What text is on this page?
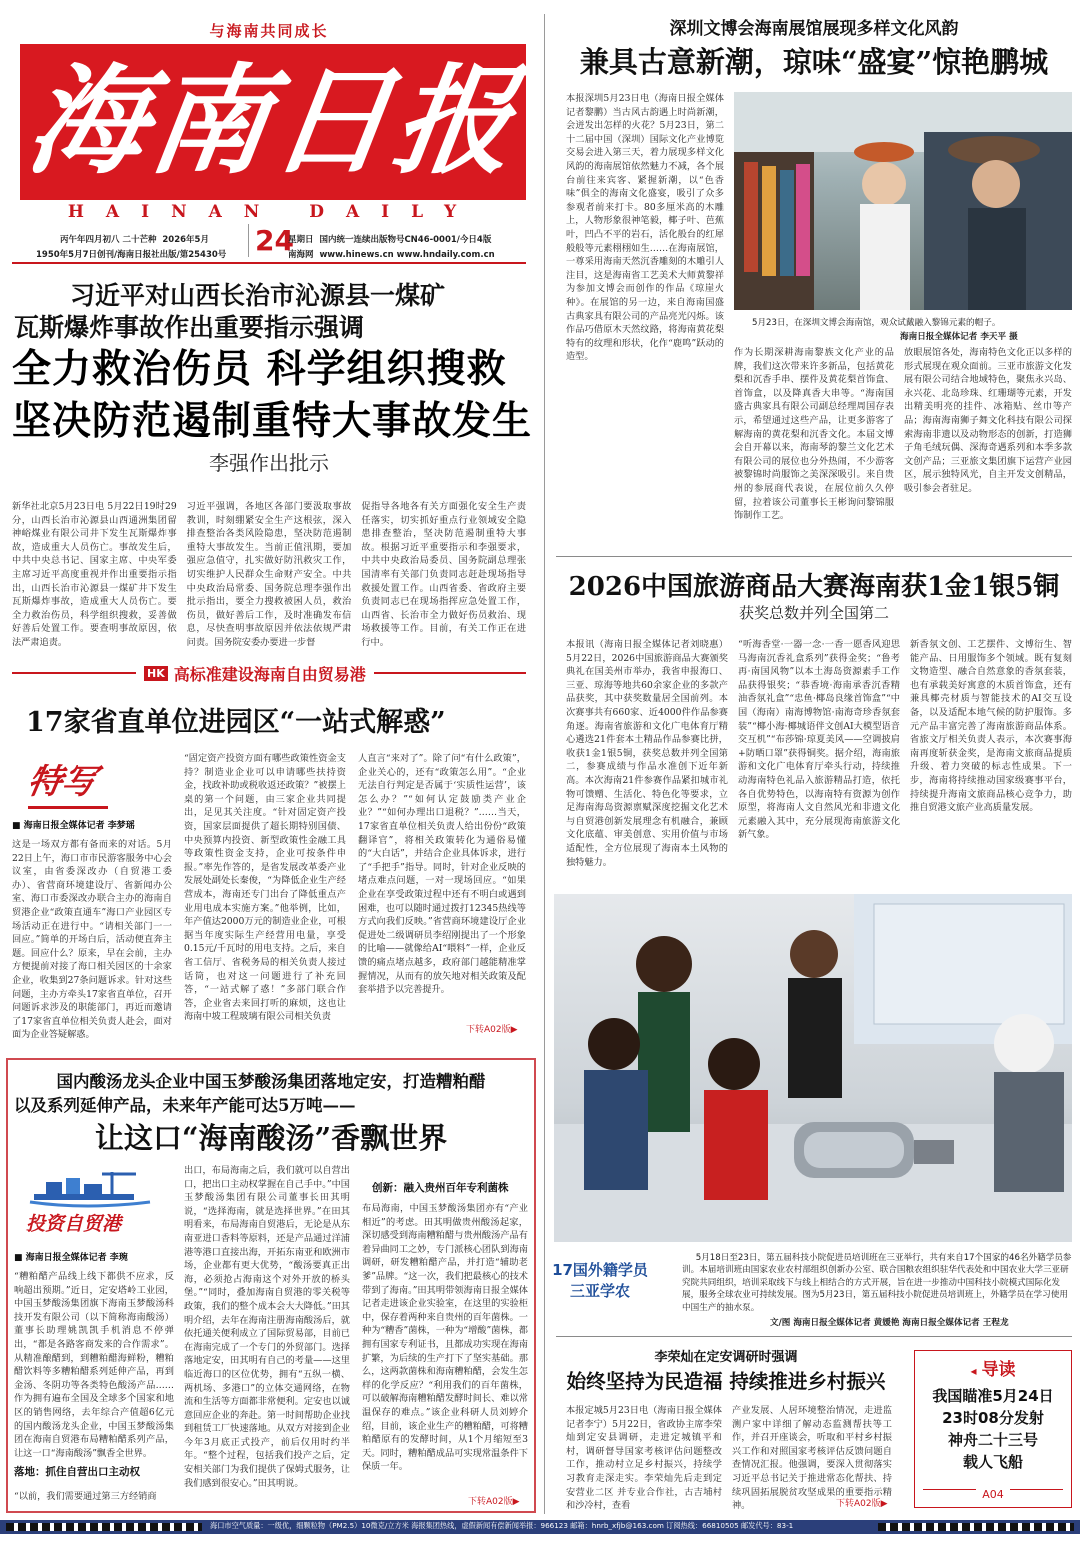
与海南共同成长
海南日报
HAINAN DAILY
丙午年四月初八 二十芒种 2026年5月
1950年5月7日创刊/海南日报社出版/第25430号 24
星期日 国内统一连续出版物号CN46-0001/今日4版
南海网 www.hinews.cn www.hndaily.com.cn
习近平对山西长治市沁源县一煤矿
瓦斯爆炸事故作出重要指示强调
全力救治伤员 科学组织搜救
坚决防范遏制重特大事故发生
李强作出批示
新华社北京5月23日电 5月22日19时29分，山西长治市沁源县山西通洲集团留神峪煤业有限公司井下发生瓦斯爆炸事故，造成重大人员伤亡。事故发生后，中共中央总书记、国家主席、中央军委主席习近平高度重视并作出重要指示指出，山西长治市沁源县一煤矿井下发生瓦斯爆炸事故，造成重大人员伤亡。要全力救治伤员，科学组织搜救，妥善做好善后处置工作。要查明事故原因，依法严肃追责。
习近平强调，各地区各部门要汲取事故教训，时刻绷紧安全生产这根弦，深入排查整治各类风险隐患，坚决防范遏制重特大事故发生。当前正值汛期，要加强应急值守，扎实做好防汛救灾工作，切实维护人民群众生命财产安全。中共中央政治局常委、国务院总理李强作出批示指出，要全力搜救被困人员，救治伤员，做好善后工作，及时准确发布信息，尽快查明事故原因并依法依规严肃问责。国务院安委办要进一步督
促指导各地各有关方面强化安全生产责任落实，切实抓好重点行业领域安全隐患排查整治，坚决防范遏制重特大事故。根据习近平重要指示和李强要求，中共中央政治局委员、国务院副总理张国清率有关部门负责同志赶赴现场指导救援处置工作。山西省委、省政府主要负责同志已在现场指挥应急处置工作，山西省、长治市全力做好伤员救治、现场救援等工作。目前，有关工作正在进行中。
HK 高标准建设海南自由贸易港
17家省直单位进园区“一站式解惑”
特写
■ 海南日报全媒体记者 李梦瑶
这是一场双方都有备而来的对话。5月22日上午，海口市市民游客服务中心会议室，由省委深改办（自贸港工委办）、省营商环境建设厅、省新闻办公室、海口市委深改办联合主办的海南自贸港企业“政策直通车”海口产业园区专场活动正在进行中。“请相关部门一一回应。”简单的开场白后，活动便直奔主题。回应什么？原来，早在会前，主办方便提前对接了海口相关园区的十余家企业，收集到27条问题诉求。针对这些问题，主办方牵头17家省直单位，召开问题诉求涉及的职能部门，再近而邀请了17家省直单位相关负责人赴会，面对面为企业答疑解惑。
“固定资产投资方面有哪些政策性资金支持？制造业企业可以申请哪些扶持资金，找政补助或税收返还政策？”被摆上桌的第一个问题，由三家企业共同提出，足见其关注度。“针对固定资产投资，国家层面提供了超长期特别国债、中央预算内投资、新型政策性金融工具等政策性资金支持，企业可按条件申报。”率先作答的，是省发展改革委产业发展处副处长秦俊，“为降低企业生产经营成本，海南还专门出台了降低重点产业用电成本实施方案。”他举例，比如，年产值达2000万元的制造业企业，可根据当年度实际生产经营用电量，享受0.15元/千瓦时的用电支持。之后，来自省工信厅、省税务局的相关负责人接过话筒，也对这一问题进行了补充回答，“一站式解了惑！”多部门联合作答，企业省去来回打听的麻烦，这也让海南中坡工程玻璃有限公司相关负责
人直言“来对了”。除了问“有什么政策”，企业关心的，还有“政策怎么用”。“企业无法自行判定是否属于‘实质性运营’，该怎么办？”“如何认定鼓励类产业企业？”“如何办理出口退税？”……当天，17家省直单位相关负责人给出份份“政策翻译官”，将相关政策转化为通俗易懂的“大白话”，并结合企业具体诉求，进行了“手把手”指导。同时，针对企业反映的堵点难点问题，一对一现场回应。“如果企业在享受政策过程中还有不明白或遇到困难，也可以随时通过拨打12345热线等方式向我们反映。”省营商环境建设厅企业促进处二级调研员李绍刚提出了一个形象的比喻——就像给AI“喂料”一样，企业反馈的痛点堵点越多，政府部门越能精准掌握情况，从而有的放矢地对相关政策及配套举措予以完善提升。
下转A02版▶
国内酸汤龙头企业中国玉梦酸汤集团落地定安，打造糟粕醋
以及系列延伸产品，未来年产能可达5万吨——
让这口“海南酸汤”香飘世界
投资自贸港
■ 海南日报全媒体记者 李琬
“糟粕醋产品线上线下都供不应求，反响超出预期。”近日，定安塔岭工业园，中国玉梦酸汤集团旗下海南玉梦酸汤科技开发有限公司（以下简称海南酸汤）董事长助理姚凯凯手机消息不停弹出，“都是各路客商发来的合作需求”。从精准酿醋到，到糟粕醋海鲜粉，糟粕醋饮料等多糟粕醋系列延伸产品，再到金汤、冬阴功等各类特色酸汤产品……作为拥有遍布全国及全球多个国家和地区的销售网络，去年综合产值超6亿元的国内酸汤龙头企业，中国玉梦酸汤集团在海南自贸港布局糟粕醋系列产品，让这一口“海南酸汤”飘香全世界。
落地：抓住自营出口主动权
“以前，我们需要通过第三方经销商
出口，布局海南之后，我们就可以自营出口，把出口主动权掌握在自己手中。”中国玉梦酸汤集团有限公司董事长田其明说，“选择海南，就是选择世界。”在田其明看来，布局海南自贸港后，无论是从东南亚进口香料等原料，还是产品通过洋浦港等港口直接出海，开拓东南亚和欧洲市场，企业都有更大优势，“酸汤要真正出海，必须抢占海南这个对外开放的桥头堡。”“同时，叠加海南自贸港的零关税等政策，我们的整个成本会大大降低。”田其明介绍，去年在海南注册海南酸汤后，就依托通关便利成立了国际贸易部，目前已在海南完成了一个专门的外贸部门。选择落地定安，田其明有自己的考量——这里临近海口的区位优势，拥有“五纵一横、两机场、多港口”的立体交通网络，在物流和生活等方面都非常便利。定安也以诚意回应企业的奔赴。第一时间帮助企业找到租赁工厂快速落地。从双方对接到企业今年3月底正式投产，前后仅用时约半年。“整个过程，包括我们投产之后，定安相关部门为我们提供了保姆式服务，让我们感到很安心。”田其明说。
创新：融入贵州百年专利菌株
布局海南，中国玉梦酸汤集团亦有“产业相近”的考虑。田其明做贵州酸汤起家，深切感受到海南糟粕醋与贵州酸汤产品有着异曲同工之妙，专门派核心团队到海南调研，研发糟粕醋产品，并打造“辅助老爹”品牌。“这一次，我们把最核心的技术带到了海南。”田其明带领海南日报全媒体记者走进该企业实验室，在这里的实验柜中，保存着两种来自贵州的百年菌株。一种为“糟香”菌株，一种为“增酸”菌株，都拥有国家专利证书，且都成功实现在海南扩繁，为后续的生产打下了坚实基础。那么，这两款菌株和海南糟粕醋，会发生怎样的化学反应？“利用我们的百年菌株，可以破解海南糟粕醋发酵时间长、难以常温保存的难点。”该企业科研人员刘婷介绍，目前，该企业生产的糟粕醋，可将糟粕醋原有的发酵时间，从1个月缩短至3天。同时，糟粕醋成品可实现常温条件下保质一年。
下转A02版▶
深圳文博会海南展馆展现多样文化风韵
兼具古意新潮，琼味“盛宴”惊艳鹏城
本报深圳5月23日电（海南日报全媒体记者黎鹏）当古风古韵遇上时尚新潮，会迸发出怎样的火花？5月23日，第二十二届中国（深圳）国际文化产业博览交易会进入第三天，着力展现多样文化风韵的海南展馆依然魅力不减，各个展台前往来宾客、紧握新潮，以“色香味”俱全的海南文化盛宴，吸引了众多参观者前来打卡。80多厘米高的木雕上，人物形象很神笔毅，椰子叶、芭蕉叶，凹凸不平的岩石，活化般台的红犀般般等元素栩栩如生……在海南展馆，一尊采用海南天然沉香雕刻的木雕引人注目，这是海南省工艺美术大师黄黎祥为参加文博会而创作的作品《琼崖火种》。在展馆的另一边，来自海南国盛古典家具有限公司的产品亮光闪烁。该作品巧借原木天然纹路，将海南黄花梨特有的纹理和形状，化作“鹿鸣”跃动的造型。
5月23日，在深圳文博会海南馆，观众试戴融入黎锦元素的帽子。
海南日报全媒体记者 李天平 摄
作为长期深耕海南黎族文化产业的品牌，我们这次带来许多新品，包括黄花梨和沉香手串、摆件及黄花梨首饰盒、首饰盒，以及降真香大串等。“海南国盛古典家具有限公司副总经理周国存表示，希望通过这些产品，让更多游客了解海南的黄花梨和沉香文化。本届文博会自开幕以来，海南琴韵黎兰文化艺术有限公司的展位也分外热闹，不少游客被黎锦时尚服饰之美深深吸引。来自贵州的参展商代表说，在展位前久久停留，拉着该公司董事长王彬询问黎锦服饰制作工艺。
放眼展馆各处，海南特色文化正以多样的形式展现在观众面前。三亚市旅游文化发展有限公司结合地域特色，聚焦永兴岛、永兴花、北岛珍珠、红珊瑚等元素，开发出精美明亮的挂件、冰箱贴、丝巾等产品；海南海南狮子舞文化科技有限公司探索海南非遗以及动物形态的创新，打造狮子角毛绒玩偶、深海奇遇系列和本季多款文创产品；三亚旅文集团旗下运营产业园区，展示独特风光，自主开发文创精品，吸引参会者驻足。
2026中国旅游商品大赛海南获1金1银5铜
获奖总数并列全国第二
本报讯（海南日报全媒体记者刘晓惠）5月22日，2026中国旅游商品大赛颁奖典礼在国美州市举办，我省申报海口、三亚、琼海等地共60余家企业的多款产品获奖，其中获奖数量居全国前列。本次赛事共有660家、近4000件作品参赛角逐。海南省旅游和文化广电体育厅精心遴选21件套本土精品作品参赛比拼，收获1金1银5铜，获奖总数并列全国第二，参赛成绩与作品水准创下近年新高。本次海南21件参赛作品紧扣城市礼物可馈赠、生活化、特色化等要求，立足海南海岛资源禀赋深度挖掘文化艺术与自贸港创新发展理念有机融合，兼顾文化底蕴、审美创意、实用价值与市场适配性，全方位展现了海南本土风物的独特魅力。
“听海香堂·一器一念·一香一愿香风迎思马海南沉香礼盒系列”获得金奖；“鲁考再·南国风物”以本土海岛资源素手工作品获得银奖；“恭香境·海南承香沉香精油香氛礼盒”“忠鱼·椰岛良缘首饰盒”“中国（海南）南海博物馆·南海奇珍香氛套装”“椰小海·椰城语伴文创AI大模型语音交互机”“布莎锦·琼夏美风——空调披肩+防晒口罩”获得铜奖。据介绍，海南旅游和文化广电体育厅牵头行动，持续推动海南特色礼品入旅游精品打造，依托各自优势特色，以海南特有资源为创作原型，将海南人文自然风光和非遗文化元素融入其中，充分展现海南旅游文化新气象。
新香氛文创、工艺摆件、文博衍生、智能产品、日用服饰多个领域。既有复刻文物造型、融合自然意象的香氛套装，也有承载美好寓意的木质首饰盒，还有兼具椰壳材质与智能技术的AI交互设备，以及适配本地气候的防护服饰。多元产品丰富完善了海南旅游商品体系。省旅文厅相关负责人表示，本次赛事海南再度斩获金奖，是海南文旅商品提质升级、着力突破的标志性成果。下一步，海南将持续推动国家级赛事平台，持续提升海南文旅商品核心竞争力，助推自贸港文旅产业高质量发展。
17国外籍学员
三亚学农
5月18日至23日，第五届科技小院促进员培训班在三亚举行，共有来自17个国家的46名外籍学员参训。本届培训班由国家农业农村部组织创新办公室、联合国粮农组织驻华代表处和中国农业大学三亚研究院共同组织，培训采取线下与线上相结合的方式开展，旨在进一步推动中国科技小院模式国际化发展，服务全球农业可持续发展。图为5月23日，第五届科技小院促进员培训班上，外籍学员在学习使用中国生产的抽水泵。
文/图 海南日报全媒体记者 黄媛艳 海南日报全媒体记者 王程龙
李荣灿在定安调研时强调
始终坚持为民造福 持续推进乡村振兴
本报定城5月23日电（海南日报全媒体记者李宁）5月22日，省政协主席李荣灿到定安县调研，走进定城镇平和村，调研督导国家考核评估问题整改工作，推动村立足乡村振兴，持续学习教育走深走实。李荣灿先后走到定安营业二区 并专业合作社，古吉埔村和沙冷村，查看
产业发展、人居环境整治情况，走进监测户家中详细了解动态监测帮扶等工作，并召开座谈会，听取和平村乡村振兴工作和对照国家考核评估反馈问题自查情况汇报。他强调，要深入贯彻落实习近平总书记关于推进常态化帮扶、持续巩固拓展脱贫攻坚成果的重要指示精神。	下转A02版▶
◂ 导读
我国瞄准5月24日
23时08分发射
神舟二十三号
载人飞船
$^{A04}$
海口市空气质量：一级优，细颗粒物（PM2.5）10微克/立方米 海报集团热线，虚假新闻有偿新闻举报：966123 邮箱：hnrb_xfjb@163.com 订阅热线：66810505 邮发代号：83-1
